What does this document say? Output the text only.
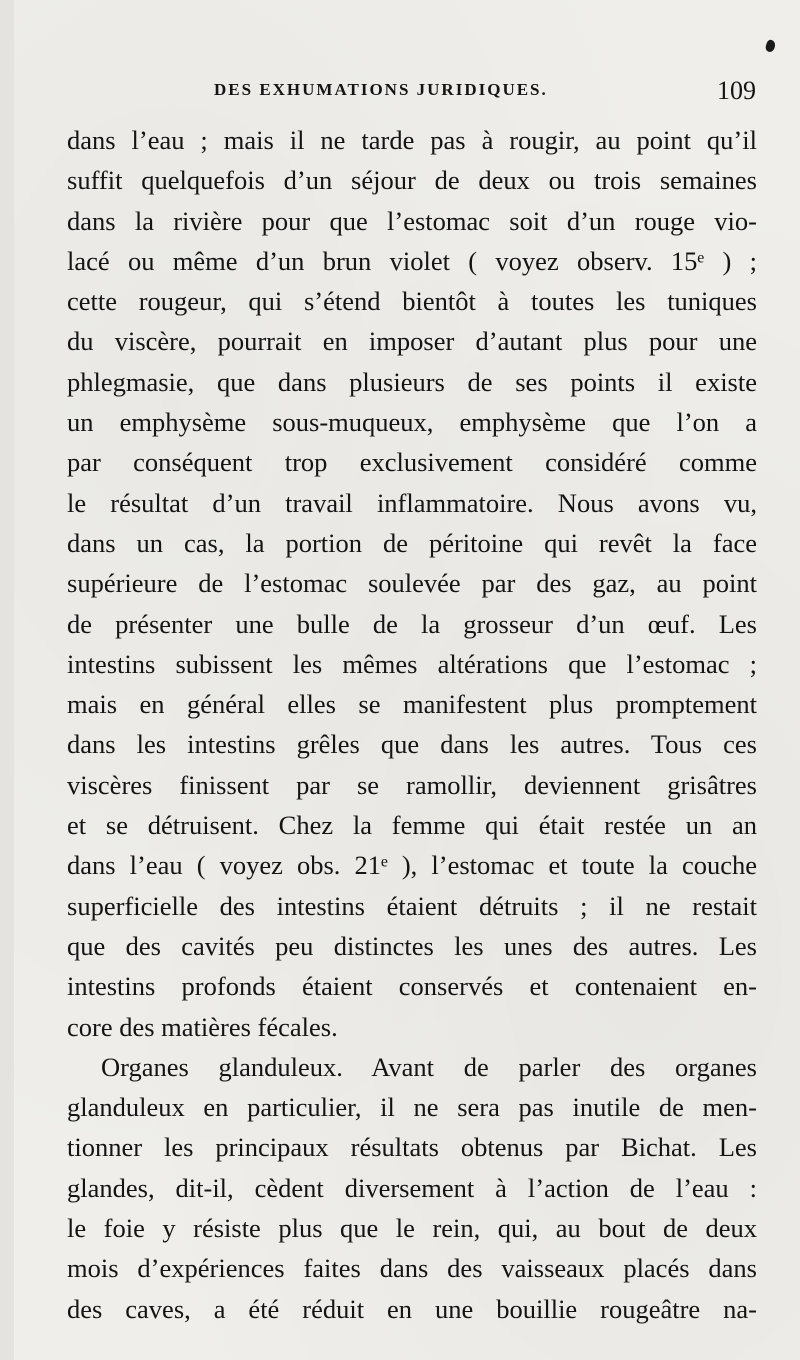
DES EXHUMATIONS JURIDIQUES.	109
dans l’eau ; mais il ne tarde pas à rougir, au point qu’il
suffit quelquefois d’un séjour de deux ou trois semaines
dans la rivière pour que l’estomac soit d’un rouge vio-
lacé ou même d’un brun violet ( voyez observ. 15ᵉ ) ;
cette rougeur, qui s’étend bientôt à toutes les tuniques
du viscère, pourrait en imposer d’autant plus pour une
phlegmasie, que dans plusieurs de ses points il existe
un emphysème sous-muqueux, emphysème que l’on a
par conséquent trop exclusivement considéré comme
le résultat d’un travail inflammatoire. Nous avons vu,
dans un cas, la portion de péritoine qui revêt la face
supérieure de l’estomac soulevée par des gaz, au point
de présenter une bulle de la grosseur d’un œuf. Les
intestins subissent les mêmes altérations que l’estomac ;
mais en général elles se manifestent plus promptement
dans les intestins grêles que dans les autres. Tous ces
viscères finissent par se ramollir, deviennent grisâtres
et se détruisent. Chez la femme qui était restée un an
dans l’eau ( voyez obs. 21ᵉ ), l’estomac et toute la couche
superficielle des intestins étaient détruits ; il ne restait
que des cavités peu distinctes les unes des autres. Les
intestins profonds étaient conservés et contenaient en-
core des matières fécales.
Organes glanduleux. Avant de parler des organes
glanduleux en particulier, il ne sera pas inutile de men-
tionner les principaux résultats obtenus par Bichat. Les
glandes, dit-il, cèdent diversement à l’action de l’eau :
le foie y résiste plus que le rein, qui, au bout de deux
mois d’expériences faites dans des vaisseaux placés dans
des caves, a été réduit en une bouillie rougeâtre na-
